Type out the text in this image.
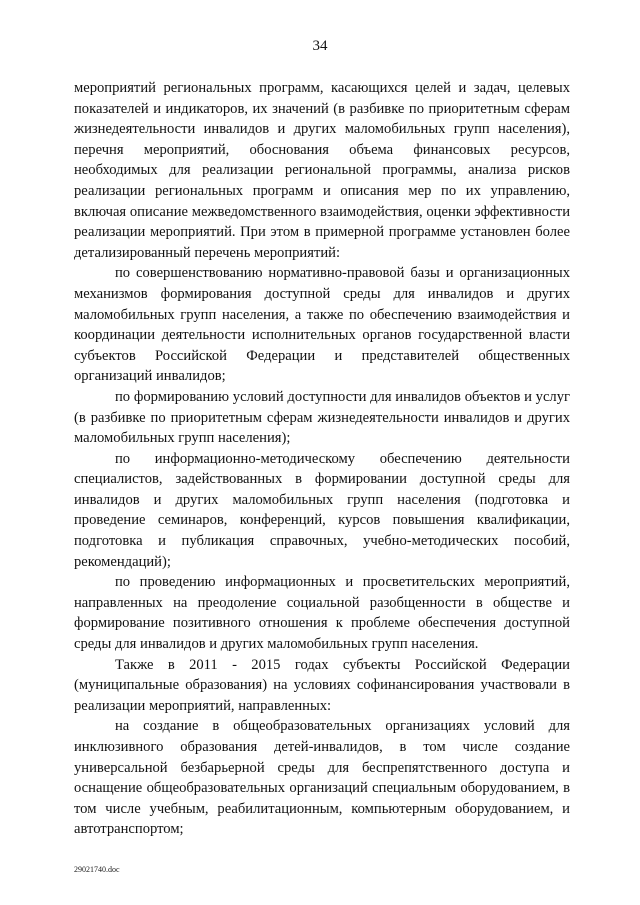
34

мероприятий региональных программ, касающихся целей и задач, целевых показателей и индикаторов, их значений (в разбивке по приоритетным сферам жизнедеятельности инвалидов и других маломобильных групп населения), перечня мероприятий, обоснования объема финансовых ресурсов, необходимых для реализации региональной программы, анализа рисков реализации региональных программ и описания мер по их управлению, включая описание межведомственного взаимодействия, оценки эффективности реализации мероприятий. При этом в примерной программе установлен более детализированный перечень мероприятий:

по совершенствованию нормативно-правовой базы и организационных механизмов формирования доступной среды для инвалидов и других маломобильных групп населения, а также по обеспечению взаимодействия и координации деятельности исполнительных органов государственной власти субъектов Российской Федерации и представителей общественных организаций инвалидов;

по формированию условий доступности для инвалидов объектов и услуг (в разбивке по приоритетным сферам жизнедеятельности инвалидов и других маломобильных групп населения);

по информационно-методическому обеспечению деятельности специалистов, задействованных в формировании доступной среды для инвалидов и других маломобильных групп населения (подготовка и проведение семинаров, конференций, курсов повышения квалификации, подготовка и публикация справочных, учебно-методических пособий, рекомендаций);

по проведению информационных и просветительских мероприятий, направленных на преодоление социальной разобщенности в обществе и формирование позитивного отношения к проблеме обеспечения доступной среды для инвалидов и других маломобильных групп населения.

Также в 2011 - 2015 годах субъекты Российской Федерации (муниципальные образования) на условиях софинансирования участвовали в реализации мероприятий, направленных:

на создание в общеобразовательных организациях условий для инклюзивного образования детей-инвалидов, в том числе создание универсальной безбарьерной среды для беспрепятственного доступа и оснащение общеобразовательных организаций специальным оборудованием, в том числе учебным, реабилитационным, компьютерным оборудованием, и автотранспортом;

29021740.doc
